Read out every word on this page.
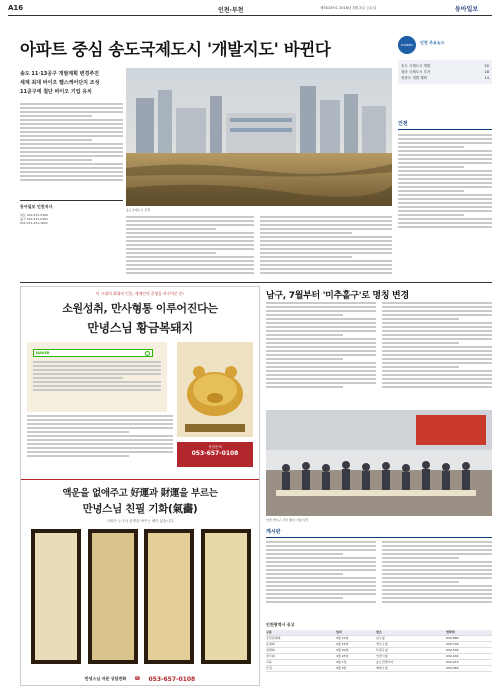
A16	인천·부천	제30329호 2016년 3월 2일 금요일	동아일보
아파트 중심 송도국제도시 '개발지도' 바뀐다
송도 11·13공구 개발계획 변경추진
세계 최대 바이오 헬스케어단지 조성
11공구에 첨단 바이오 기업 유치
송도국제도시 전경
동아일보 인천지사
대표 032-431-0180
광고 032-431-0181
FAX 032-431-1802
CHANNEL	인천 주요뉴스
송도 국제도시 개발	20
청라 국제도시 투자	18
영종도 개발 계획	14
인천
이 시대의 최대의 인물, 세계인의 운명을 바꾸어준 분!
소원성취, 만사형통 이루어진다는
만녕스님 황금복돼지
NAVER
상담문의
053-657-0108
액운을 없애주고 好運과 財運을 부르는
만녕스님 친필 기화(氣畵)
사람은 누구나 운명을 바꾸는 때가 있습니다
만녕스님 자문 상담전화 ☎ 053-657-0108
남구, 7월부터 '미추홀구'로 명칭 변경
인천 연수구 주민 행사 기념 사진
게시판
인천광역시 공고
구분	일자	장소	연락처
주민설명회	3월 10일	남구청	032-880
공청회	3월 15일	연수구청	032-749
설명회	3월 20일	부평구청	032-509
전시회	3월 25일	인천시청	032-440
교육	4월 1일	송도컨벤시아	032-210
모집	4월 5일	계양구청	032-450
